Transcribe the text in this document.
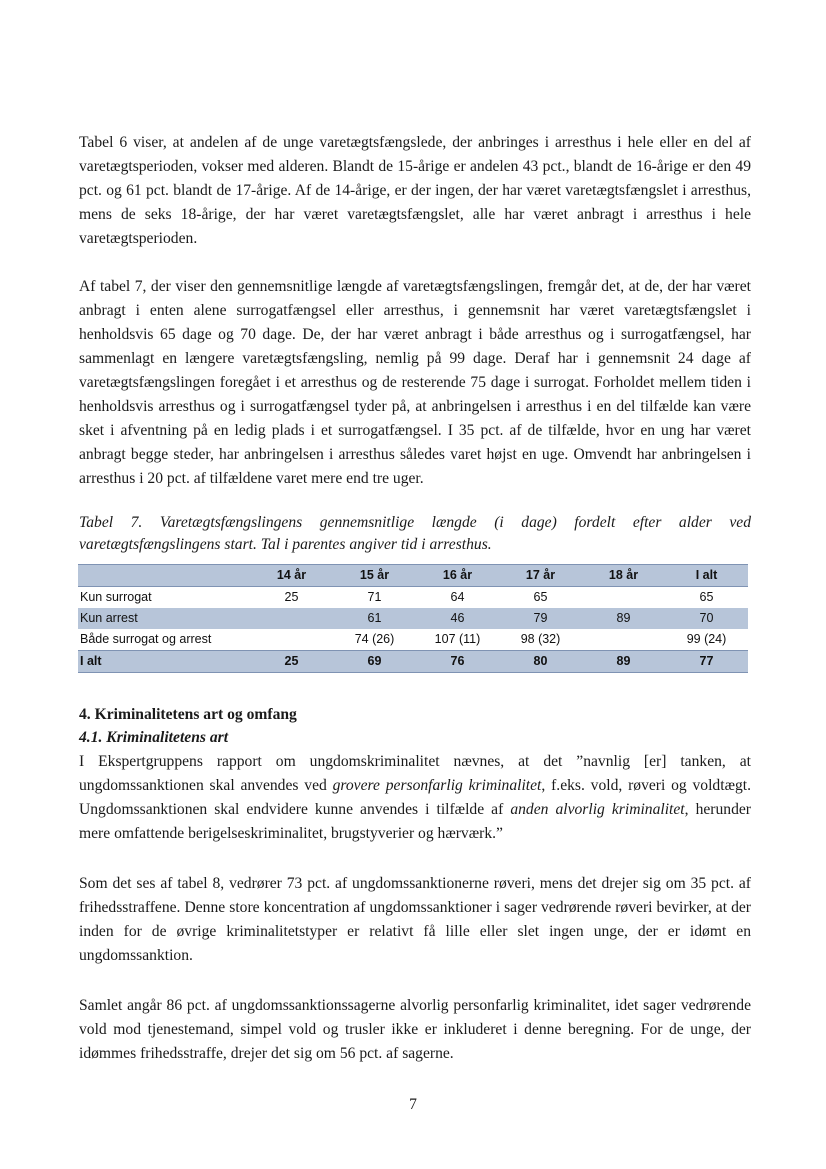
Tabel 6 viser, at andelen af de unge varetægtsfængslede, der anbringes i arresthus i hele eller en del af varetægtsperioden, vokser med alderen. Blandt de 15-årige er andelen 43 pct., blandt de 16-årige er den 49 pct. og 61 pct. blandt de 17-årige. Af de 14-årige, er der ingen, der har været varetægtsfængslet i arresthus, mens de seks 18-årige, der har været varetægtsfængslet, alle har været anbragt i arresthus i hele varetægtsperioden.

Af tabel 7, der viser den gennemsnitlige længde af varetægtsfængslingen, fremgår det, at de, der har været anbragt i enten alene surrogatfængsel eller arresthus, i gennemsnit har været varetægtsfængslet i henholdsvis 65 dage og 70 dage. De, der har været anbragt i både arresthus og i surrogatfængsel, har sammenlagt en længere varetægtsfængsling, nemlig på 99 dage. Deraf har i gennemsnit 24 dage af varetægtsfængslingen foregået i et arresthus og de resterende 75 dage i surrogat. Forholdet mellem tiden i henholdsvis arresthus og i surrogatfængsel tyder på, at anbringelsen i arresthus i en del tilfælde kan være sket i afventning på en ledig plads i et surrogatfængsel. I 35 pct. af de tilfælde, hvor en ung har været anbragt begge steder, har anbringelsen i arresthus således varet højst en uge. Omvendt har anbringelsen i arresthus i 20 pct. af tilfældene varet mere end tre uger.

Tabel 7. Varetægtsfængslingens gennemsnitlige længde (i dage) fordelt efter alder ved varetægtsfængslingens start. Tal i parentes angiver tid i arresthus.

	14 år	15 år	16 år	17 år	18 år	I alt
Kun surrogat	25	71	64	65		65
Kun arrest		61	46	79	89	70
Både surrogat og arrest		74 (26)	107 (11)	98 (32)		99 (24)
I alt	25	69	76	80	89	77
4. Kriminalitetens art og omfang
4.1. Kriminalitetens art

I Ekspertgruppens rapport om ungdomskriminalitet nævnes, at det ”navnlig [er] tanken, at ungdomssanktionen skal anvendes ved grovere personfarlig kriminalitet, f.eks. vold, røveri og voldtægt. Ungdomssanktionen skal endvidere kunne anvendes i tilfælde af anden alvorlig kriminalitet, herunder mere omfattende berigelseskriminalitet, brugstyverier og hærværk.”

Som det ses af tabel 8, vedrører 73 pct. af ungdomssanktionerne røveri, mens det drejer sig om 35 pct. af frihedsstraffene. Denne store koncentration af ungdomssanktioner i sager vedrørende røveri bevirker, at der inden for de øvrige kriminalitetstyper er relativt få lille eller slet ingen unge, der er idømt en ungdomssanktion.

Samlet angår 86 pct. af ungdomssanktionssagerne alvorlig personfarlig kriminalitet, idet sager vedrørende vold mod tjenestemand, simpel vold og trusler ikke er inkluderet i denne beregning. For de unge, der idømmes frihedsstraffe, drejer det sig om 56 pct. af sagerne.

7
